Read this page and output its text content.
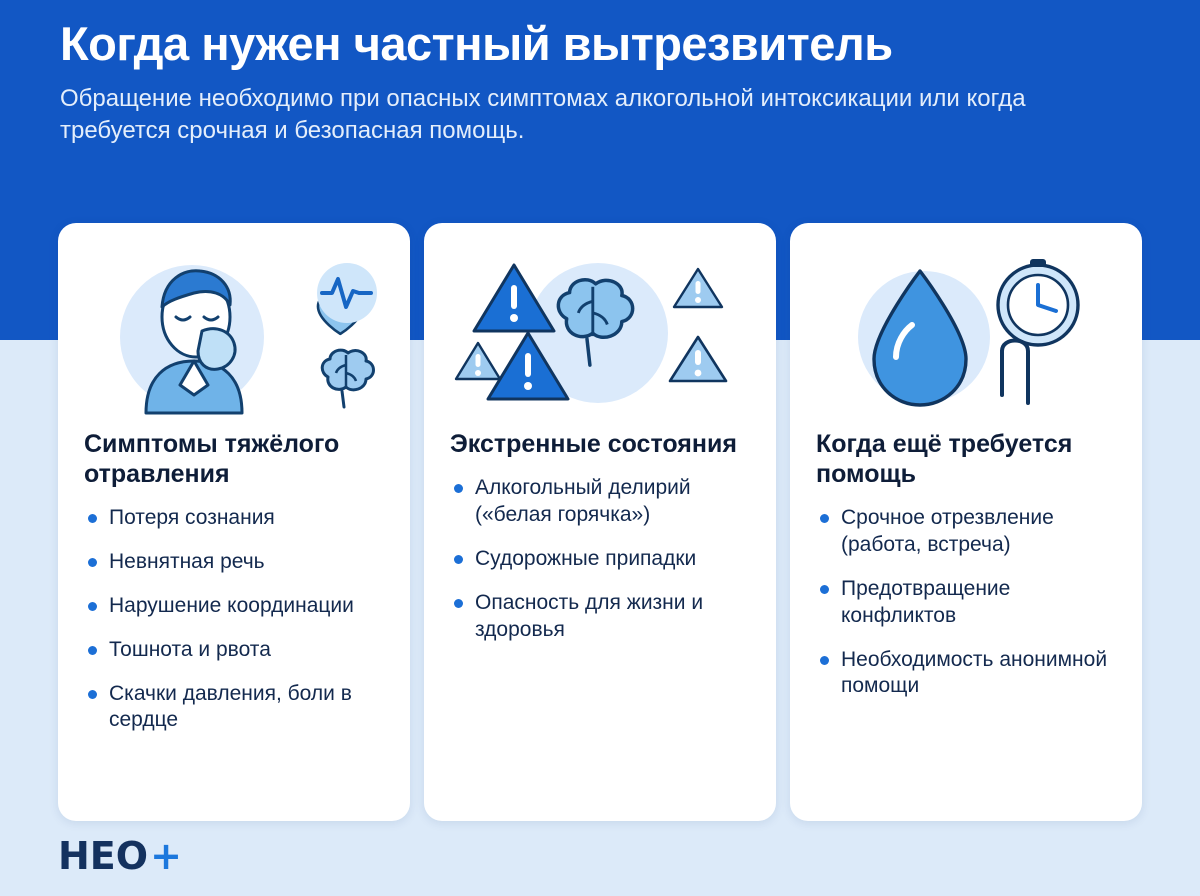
Когда нужен частный вытрезвитель

Обращение необходимо при опасных симптомах алкогольной интоксикации или когда требуется срочная и безопасная помощь.

Симптомы тяжёлого отравления
Потеря сознания
Невнятная речь
Нарушение координации
Тошнота и рвота
Скачки давления, боли в сердце
Экстренные состояния
Алкогольный делирий («белая горячка»)
Судорожные припадки
Опасность для жизни и здоровья
Когда ещё требуется помощь
Срочное отрезвление (работа, встреча)
Предотвращение конфликтов
Необходимость анонимной помощи
НЕО +
